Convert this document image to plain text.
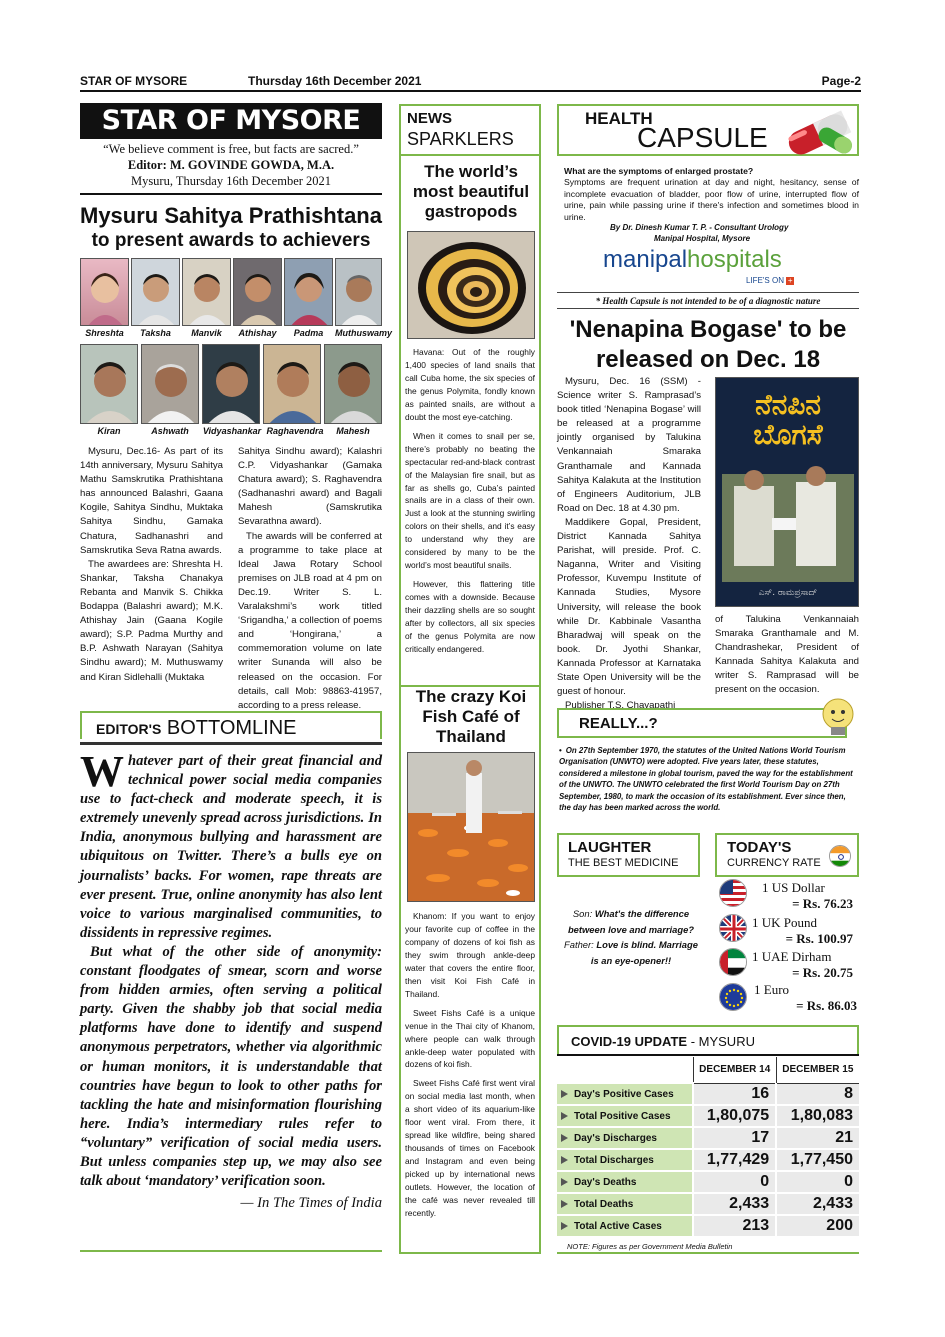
STAR OF MYSORE	Thursday 16th December 2021	Page-2
STAR OF MYSORE
“We believe comment is free, but facts are sacred.”
Editor: M. GOVINDE GOWDA, M.A.
Mysuru, Thursday 16th December 2021
Mysuru Sahitya Prathishtana
to present awards to achievers
Shreshta	Taksha	Manvik	Athishay	Padma	Muthuswamy
Kiran	Ashwath	Vidyashankar Raghavendra	Mahesh

Mysuru, Dec.16- As part of its 14th anniversary, Mysuru Sahitya Mathu Samskrutika Prathishtana has announced Balashri, Gaana Kogile, Sahitya Sindhu, Muktaka Sahitya Sindhu, Gamaka Chatura, Sadhanashri and Samskrutika Seva Ratna awards.

The awardees are: Shreshta H. Shankar, Taksha Chanakya Rebanta and Manvik S. Chikka Bodappa (Balashri award); M.K. Athishay Jain (Gaana Kogile award); S.P. Padma Murthy and B.P. Ashwath Narayan (Sahitya Sindhu award); M. Muthuswamy and Kiran Sidlehalli (Muktaka

Sahitya Sindhu award); Kalashri C.P. Vidyashankar (Gamaka Chatura award); S. Raghavendra (Sadhanashri award) and Bagali Mahesh (Samskrutika Sevarathna award).

The awards will be conferred at a programme to take place at Ideal Jawa Rotary School premises on JLB road at 4 pm on Dec.19. Writer S. L. Varalakshmi’s work titled ‘Srigandha,’ a collection of poems and ‘Hongirana,’ a commemoration volume on late writer Sunanda will also be released on the occasion. For details, call Mob: 98863-41957, according to a press release.

EDITOR'S BOTTOMLINE

Whatever part of their great financial and technical power social media companies use to fact-check and moderate speech, it is extremely unevenly spread across jurisdictions. In India, anonymous bullying and harassment are ubiquitous on Twitter. There’s a bulls eye on journalists’ backs. For women, rape threats are ever present. True, online anonymity has also lent voice to various marginalised communities, to dissidents in repressive regimes.

But what of the other side of anonymity: constant floodgates of smear, scorn and worse from hidden armies, often serving a political party. Given the shabby job that social media platforms have done to identify and suspend anonymous perpetrators, whether via algorithmic or human monitors, it is understandable that countries have begun to look to other paths for tackling the hate and misinformation flourishing here. India’s intermediary rules refer to “voluntary” verification of social media users. But unless companies step up, we may also see talk about ‘mandatory’ verification soon.

— In The Times of India

NEWS
SPARKLERS
The world’s most beautiful gastropods

Havana: Out of the roughly 1,400 species of land snails that call Cuba home, the six species of the genus Polymita, fondly known as painted snails, are without a doubt the most eye-catching.

When it comes to snail per se, there’s probably no beating the spectacular red-and-black contrast of the Malaysian fire snail, but as far as shells go, Cuba’s painted snails are in a class of their own. Just a look at the stunning swirling colors on their shells, and it’s easy to understand why they are considered by many to be the world’s most beautiful snails.

However, this flattering title comes with a downside. Because their dazzling shells are so sought after by collectors, all six species of the genus Polymita are now critically endangered.

The crazy Koi Fish Café of Thailand

Khanom: If you want to enjoy your favorite cup of coffee in the company of dozens of koi fish as they swim through ankle-deep water that covers the entire floor, then visit Koi Fish Café in Thailand.

Sweet Fishs Café is a unique venue in the Thai city of Khanom, where people can walk through ankle-deep water populated with dozens of koi fish.

Sweet Fishs Café first went viral on social media last month, when a short video of its aquarium-like floor went viral. From there, it spread like wildfire, being shared thousands of times on Facebook and Instagram and even being picked up by international news outlets. However, the location of the café was never revealed till recently.

HEALTH
CAPSULE
What are the symptoms of enlarged prostate?
Symptoms are frequent urination at day and night, hesitancy, sense of incomplete evacuation of bladder, poor flow of urine, interrupted flow of urine, pain while passing urine if there's infection and sometimes blood in urine.
By Dr. Dinesh Kumar T. P. - Consultant Urology
Manipal Hospital, Mysore
manipalhospitals
LIFE'S ON +
* Health Capsule is not intended to be of a diagnostic nature
'Nenapina Bogase' to be
released on Dec. 18

Mysuru, Dec. 16 (SSM) - Science writer S. Ramprasad’s book titled ‘Nenapina Bogase’ will be released at a programme jointly organised by Talukina Venkannaiah Smaraka Granthamale and Kannada Sahitya Kalakuta at the Institution of Engineers Auditorium, JLB Road on Dec. 18 at 4.30 pm.

Maddikere Gopal, President, District Kannada Sahitya Parishat, will preside. Prof. C. Naganna, Writer and Visiting Professor, Kuvempu Institute of Kannada Studies, Mysore University, will release the book while Dr. Kabbinale Vasantha Bharadwaj will speak on the book. Dr. Jyothi Shankar, Kannada Professor at Karnataka State Open University will be the guest of honour.

Publisher T.S. Chayapathi

ನೆನಪಿನ ಬೊಗಸೆ
ಎಸ್. ರಾಮಪ್ರಸಾದ್
of Talukina Venkannaiah Smaraka Granthamale and M. Chandrashekar, President of Kannada Sahitya Kalakuta and writer S. Ramprasad will be present on the occasion.
REALLY...?
• On 27th September 1970, the statutes of the United Nations World Tourism Organisation (UNWTO) were adopted. Five years later, these statutes, considered a milestone in global tourism, paved the way for the establishment of the UNWTO. The UNWTO celebrated the first World Tourism Day on 27th September, 1980, to mark the occasion of its establishment. Ever since then, the day has been marked across the world.
LAUGHTER
THE BEST MEDICINE
Son: What's the difference between love and marriage? Father: Love is blind. Marriage is an eye-opener!!
TODAY'S
CURRENCY RATE
1 US Dollar
= Rs. 76.23
1 UK Pound
= Rs. 100.97
1 UAE Dirham
= Rs. 20.75
1 Euro
= Rs. 86.03
COVID-19 UPDATE - MYSURU
	DECEMBER 14	DECEMBER 15
Day's Positive Cases	16	8
Total Positive Cases	1,80,075	1,80,083
Day's Discharges	17	21
Total Discharges	1,77,429	1,77,450
Day's Deaths	0	0
Total Deaths	2,433	2,433
Total Active Cases	213	200
NOTE: Figures as per Government Media Bulletin
